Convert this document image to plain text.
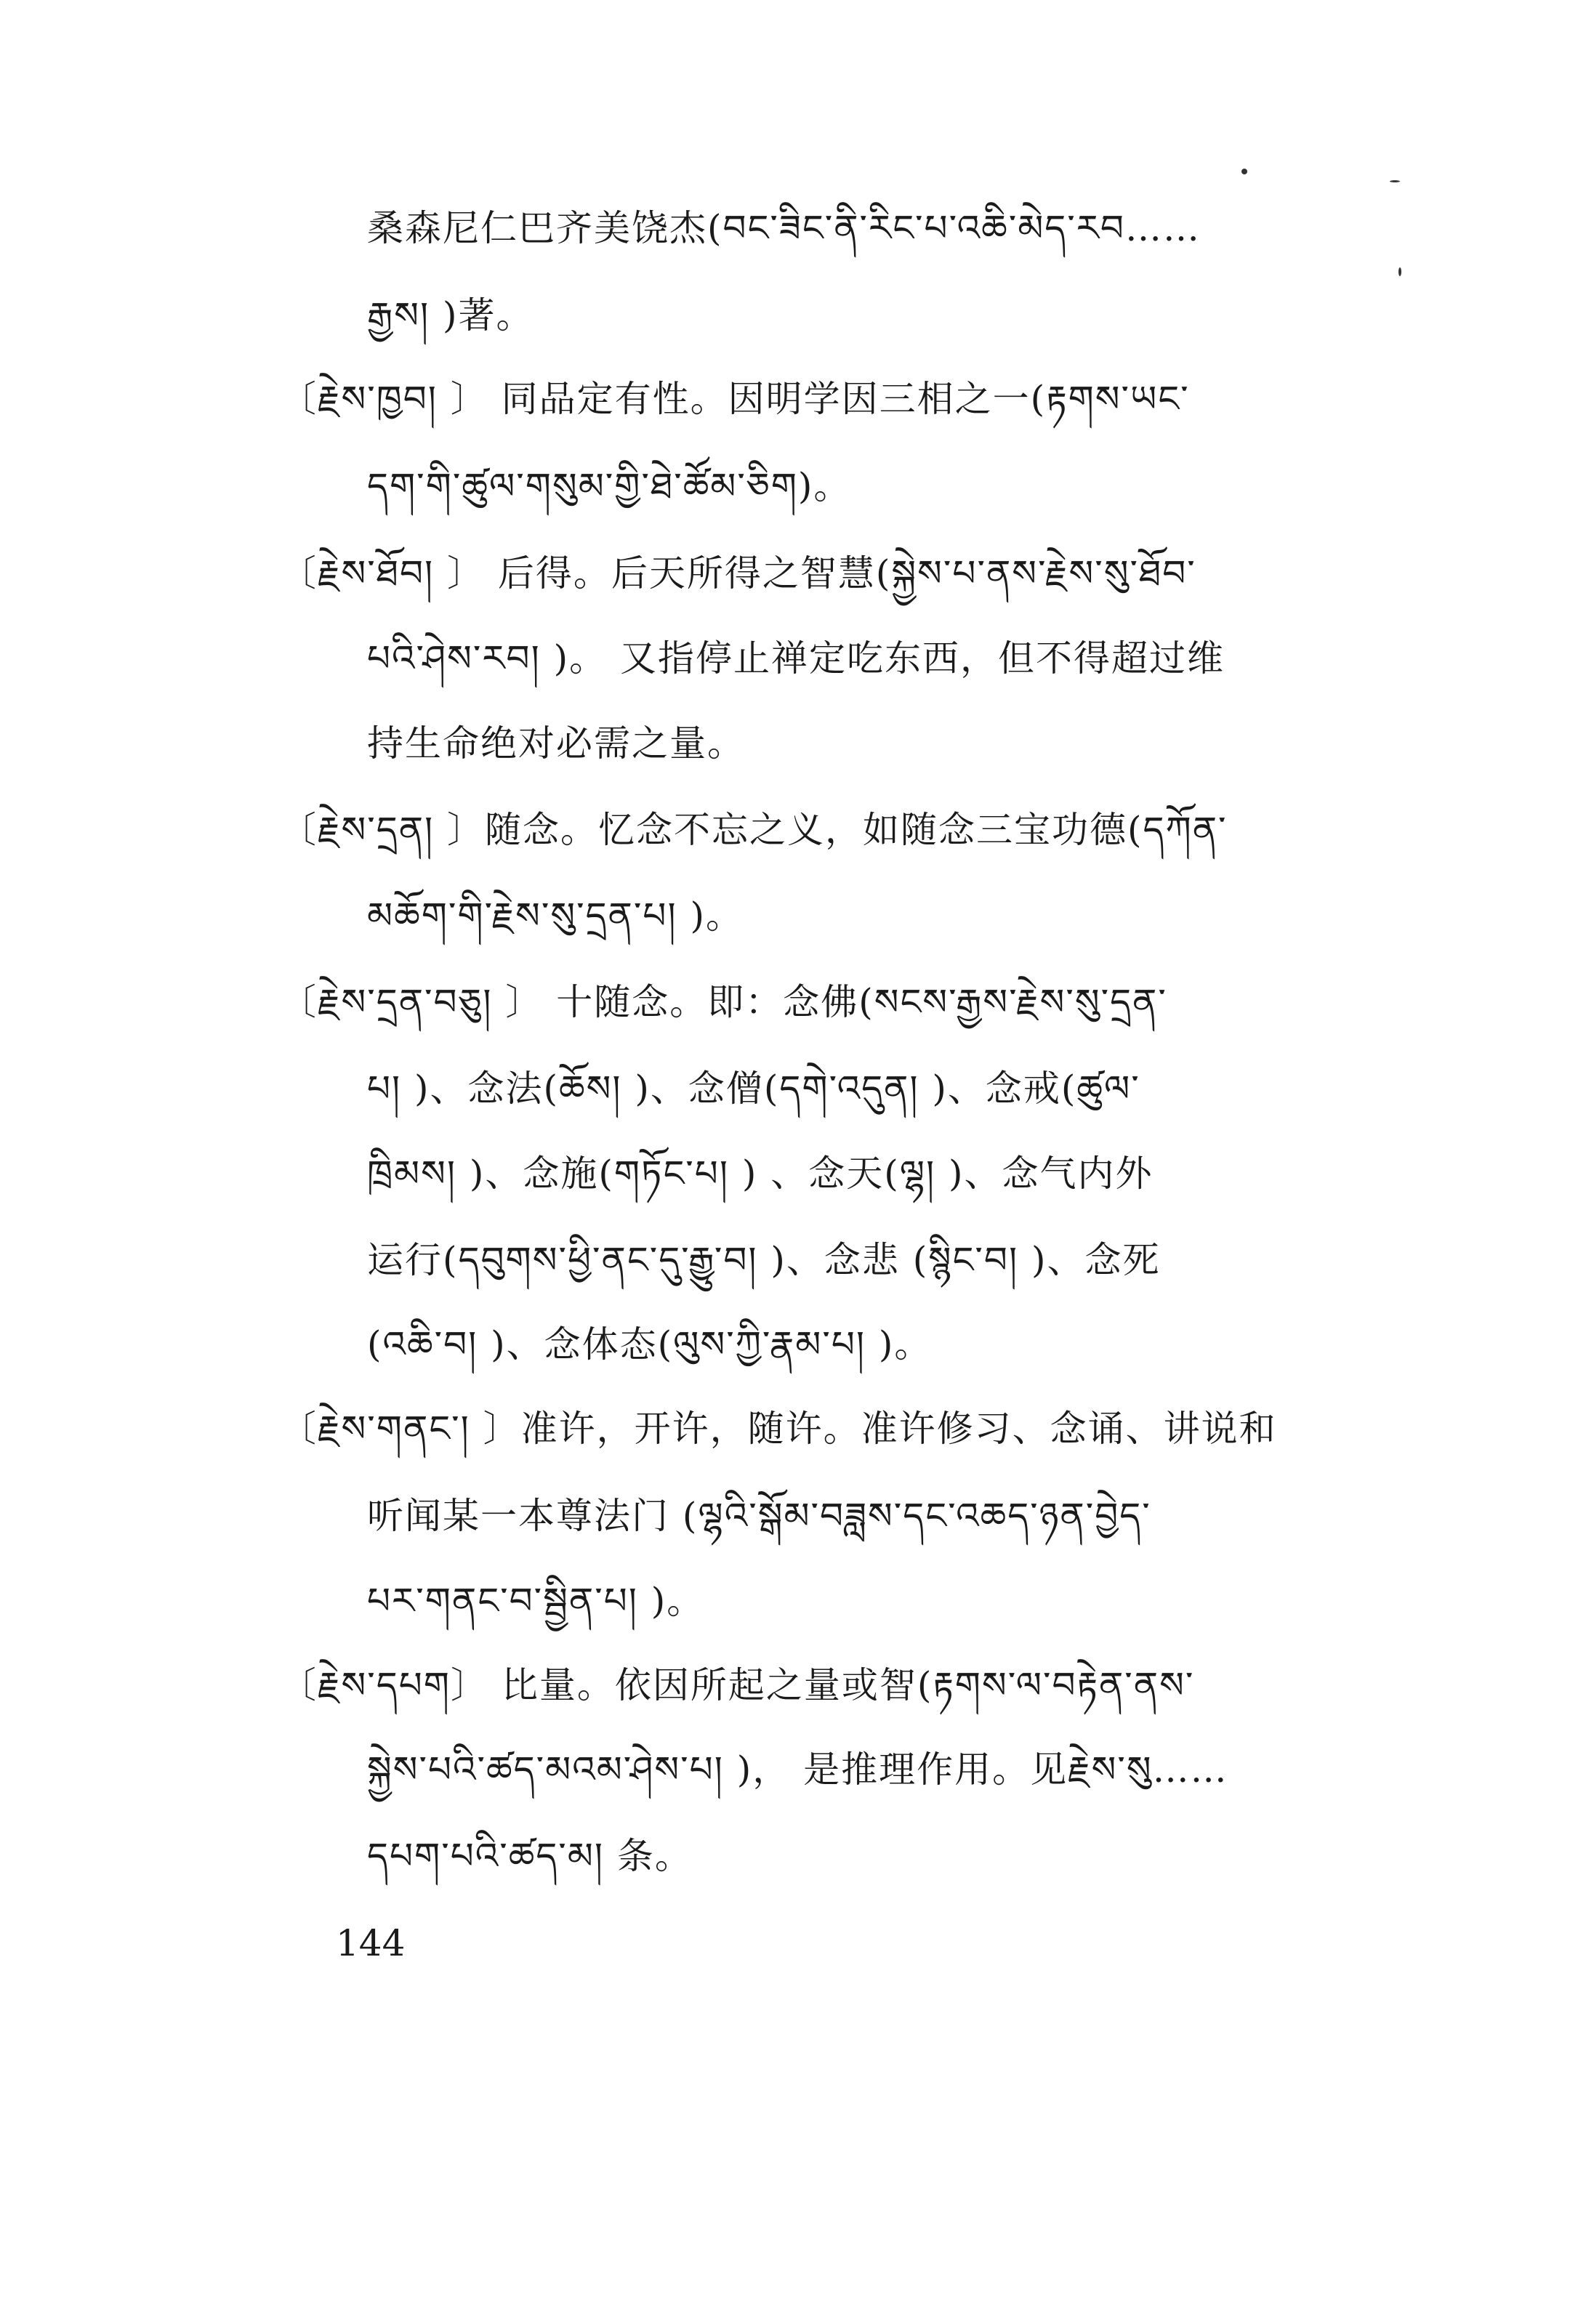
桑森尼仁巴齐美饶杰(བང་ཟིང་ནི་རིང་པ་འཆི་མེད་རབ……
རྒྱས། )著。
〔རྗེས་ཁྱབ། 〕 同品定有性。因明学因三相之一(རྟགས་ཡང་
དག་གི་ཚུལ་གསུམ་གྱི་ཐེ་ཚོམ་ཅིག)。
〔རྗེས་ཐོབ། 〕 后得。后天所得之智慧(སྐྱེས་པ་ནས་རྗེས་སུ་ཐོབ་
པའི་ཤེས་རབ། )。 又指停止禅定吃东西，但不得超过维
持生命绝对必需之量。
〔རྗེས་དྲན། 〕随念。忆念不忘之义，如随念三宝功德(དཀོན་
མཆོག་གི་རྗེས་སུ་དྲན་པ། )。
〔རྗེས་དྲན་བཅུ། 〕 十随念。即：念佛(སངས་རྒྱས་རྗེས་སུ་དྲན་
པ། )、念法(ཆོས། )、念僧(དགེ་འདུན། )、念戒(ཚུལ་
ཁྲིམས། )、念施(གཏོང་པ། ) 、念天(ལྷ། )、念气内外
运行(དབུགས་ཕྱི་ནང་དུ་རྒྱུ་བ། )、念悲 (སྙིང་བ། )、念死
(འཆི་བ། )、念体态(ལུས་ཀྱི་རྣམ་པ། )。
〔རྗེས་གནང་། 〕准许，开许，随许。准许修习、念诵、讲说和
听闻某一本尊法门 (ལྷའི་སྒོམ་བཟླས་དང་འཆད་ཉན་བྱེད་
པར་གནང་བ་སྦྱིན་པ། )。
〔རྗེས་དཔག〕 比量。依因所起之量或智(རྟགས་ལ་བརྟེན་ནས་
སྐྱེས་པའི་ཚད་མའམ་ཤེས་པ། )， 是推理作用。见རྗེས་སུ……
དཔག་པའི་ཚད་མ། 条。
144
